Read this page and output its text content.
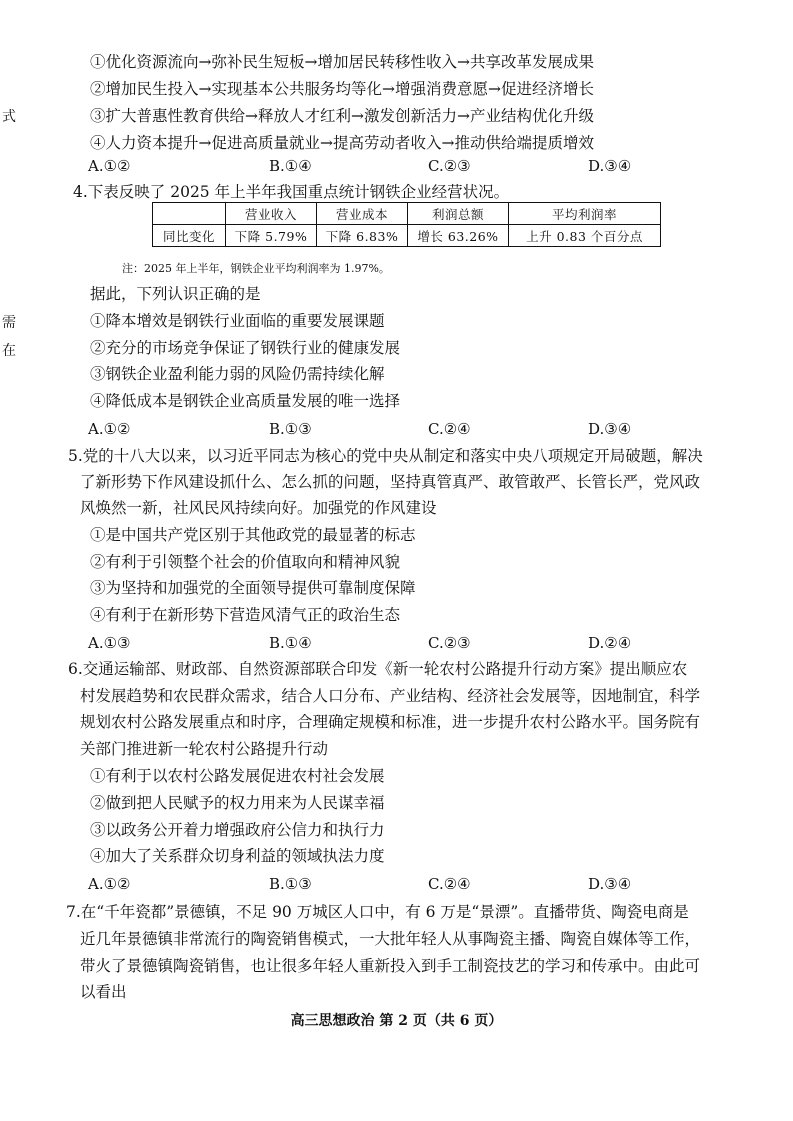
式
需
在
①优化资源流向→弥补民生短板→增加居民转移性收入→共享改革发展成果
②增加民生投入→实现基本公共服务均等化→增强消费意愿→促进经济增长
③扩大普惠性教育供给→释放人才红利→激发创新活力→产业结构优化升级
④人力资本提升→促进高质量就业→提高劳动者收入→推动供给端提质增效
A.①②	B.①④	C.②③	D.③④
4.下表反映了 2025 年上半年我国重点统计钢铁企业经营状况。
	营业收入	营业成本	利润总额	平均利润率
同比变化	下降 5.79%	下降 6.83%	增长 63.26%	上升 0.83 个百分点
注：2025 年上半年，钢铁企业平均利润率为 1.97%。
据此，下列认识正确的是
①降本增效是钢铁行业面临的重要发展课题
②充分的市场竞争保证了钢铁行业的健康发展
③钢铁企业盈利能力弱的风险仍需持续化解
④降低成本是钢铁企业高质量发展的唯一选择
A.①②	B.①③	C.②④	D.③④
5.党的十八大以来，以习近平同志为核心的党中央从制定和落实中央八项规定开局破题，解决
了新形势下作风建设抓什么、怎么抓的问题，坚持真管真严、敢管敢严、长管长严，党风政
风焕然一新，社风民风持续向好。加强党的作风建设
①是中国共产党区别于其他政党的最显著的标志
②有利于引领整个社会的价值取向和精神风貌
③为坚持和加强党的全面领导提供可靠制度保障
④有利于在新形势下营造风清气正的政治生态
A.①③	B.①④	C.②③	D.②④
6.交通运输部、财政部、自然资源部联合印发《新一轮农村公路提升行动方案》提出顺应农
村发展趋势和农民群众需求，结合人口分布、产业结构、经济社会发展等，因地制宜，科学
规划农村公路发展重点和时序，合理确定规模和标准，进一步提升农村公路水平。国务院有
关部门推进新一轮农村公路提升行动
①有利于以农村公路发展促进农村社会发展
②做到把人民赋予的权力用来为人民谋幸福
③以政务公开着力增强政府公信力和执行力
④加大了关系群众切身利益的领域执法力度
A.①②	B.①③	C.②④	D.③④
7.在“千年瓷都”景德镇，不足 90 万城区人口中，有 6 万是“景漂”。直播带货、陶瓷电商是
近几年景德镇非常流行的陶瓷销售模式，一大批年轻人从事陶瓷主播、陶瓷自媒体等工作，
带火了景德镇陶瓷销售，也让很多年轻人重新投入到手工制瓷技艺的学习和传承中。由此可
以看出
高三思想政治 第 2 页（共 6 页）
